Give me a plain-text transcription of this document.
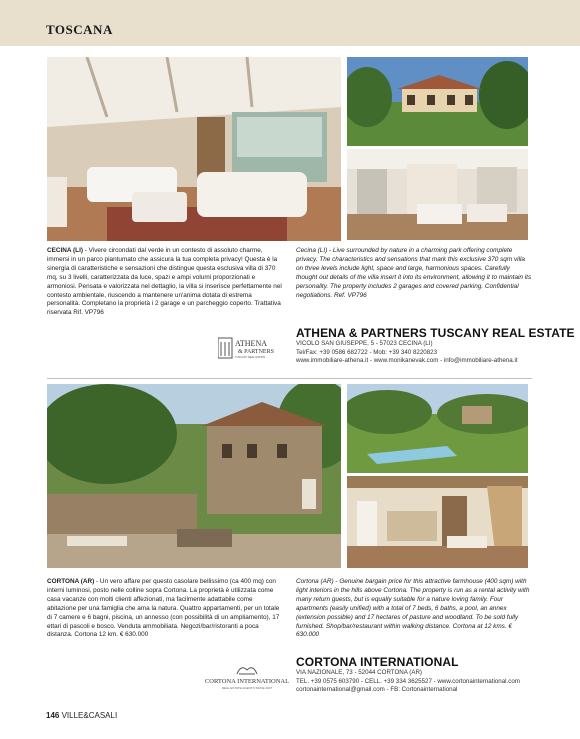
TOSCANA

CECINA (LI) - Vivere circondati dal verde in un contesto di assoluto charme, immersi in un parco piantumato che assicura la tua completa privacy! Questa è la sinergia di caratteristiche e sensazioni che distingue questa esclusiva villa di 370 mq, su 3 livelli, caratterizzata da luce, spazi e ampi volumi proporzionati e armoniosi. Pensata e valorizzata nel dettaglio, la villa si inserisce perfettamente nel contesto ambientale, riuscendo a mantenere un'anima dotata di estrema personalità. Completano la proprietà i 2 garage e un parcheggio coperto. Trattativa riservata Rif. VP796

Cecina (LI) - Live surrounded by nature in a charming park offering complete privacy. The characteristics and sensations that mark this exclusive 370 sqm villa on three levels include light, space and large, harmonious spaces. Carefully thought out details of the villa insert it into its environment, allowing it to maintain its personality. The property includes 2 garages and covered parking. Confidential negotiations. Ref. VP796

ATHENA
& PARTNERS
TUSCANY REAL ESTATE

ATHENA & PARTNERS TUSCANY REAL ESTATE

VICOLO SAN GIUSEPPE, 5 - 57023 CECINA (LI)

Tel/Fax: +39 0586 682722 - Mob: +39 340 8220823

www.immobiliare-athena.it - www.monikanevak.com - info@immobiliare-athena.it

CORTONA (AR) - Un vero affare per questo casolare bellissimo (ca 400 mq) con interni luminosi, posto nelle colline sopra Cortona. La proprietà è utilizzata come casa vacanze con molti clienti affezionati, ma facilmente adattabile come abitazione per una famiglia che ama la natura. Quattro appartamenti, per un totale di 7 camere e 6 bagni, piscina, un annesso (con possibilità di un ampliamento), 17 ettari di pascoli e bosco. Venduta ammobiliata. Negozi/bar/ristoranti a poca distanza. Cortona 12 km. € 630.000

Cortona (AR) - Genuine bargain price for this attractive farmhouse (400 sqm) with light interiors in the hills above Cortona. The property is run as a rental activity with many return guests, but is equally suitable for a nature loving family. Four apartments (easily unified) with a total of 7 beds, 6 baths, a pool, an annex (extension possible) and 17 hectares of pasture and woodland. To be sold fully furnished. Shop/bar/restaurant within walking distance. Cortona at 12 kms. € 630.000

CORTONA INTERNATIONAL
REAL ESTATE AGENTS SINCE 2007

CORTONA INTERNATIONAL

VIA NAZIONALE, 73 - 52044 CORTONA (AR)

TEL. +39 0575 603790 - CELL. +39 334 3625527 - www.cortonainternational.com

cortonainternational@gmail.com - FB: Cortonainternational

146 VILLE&CASALI
